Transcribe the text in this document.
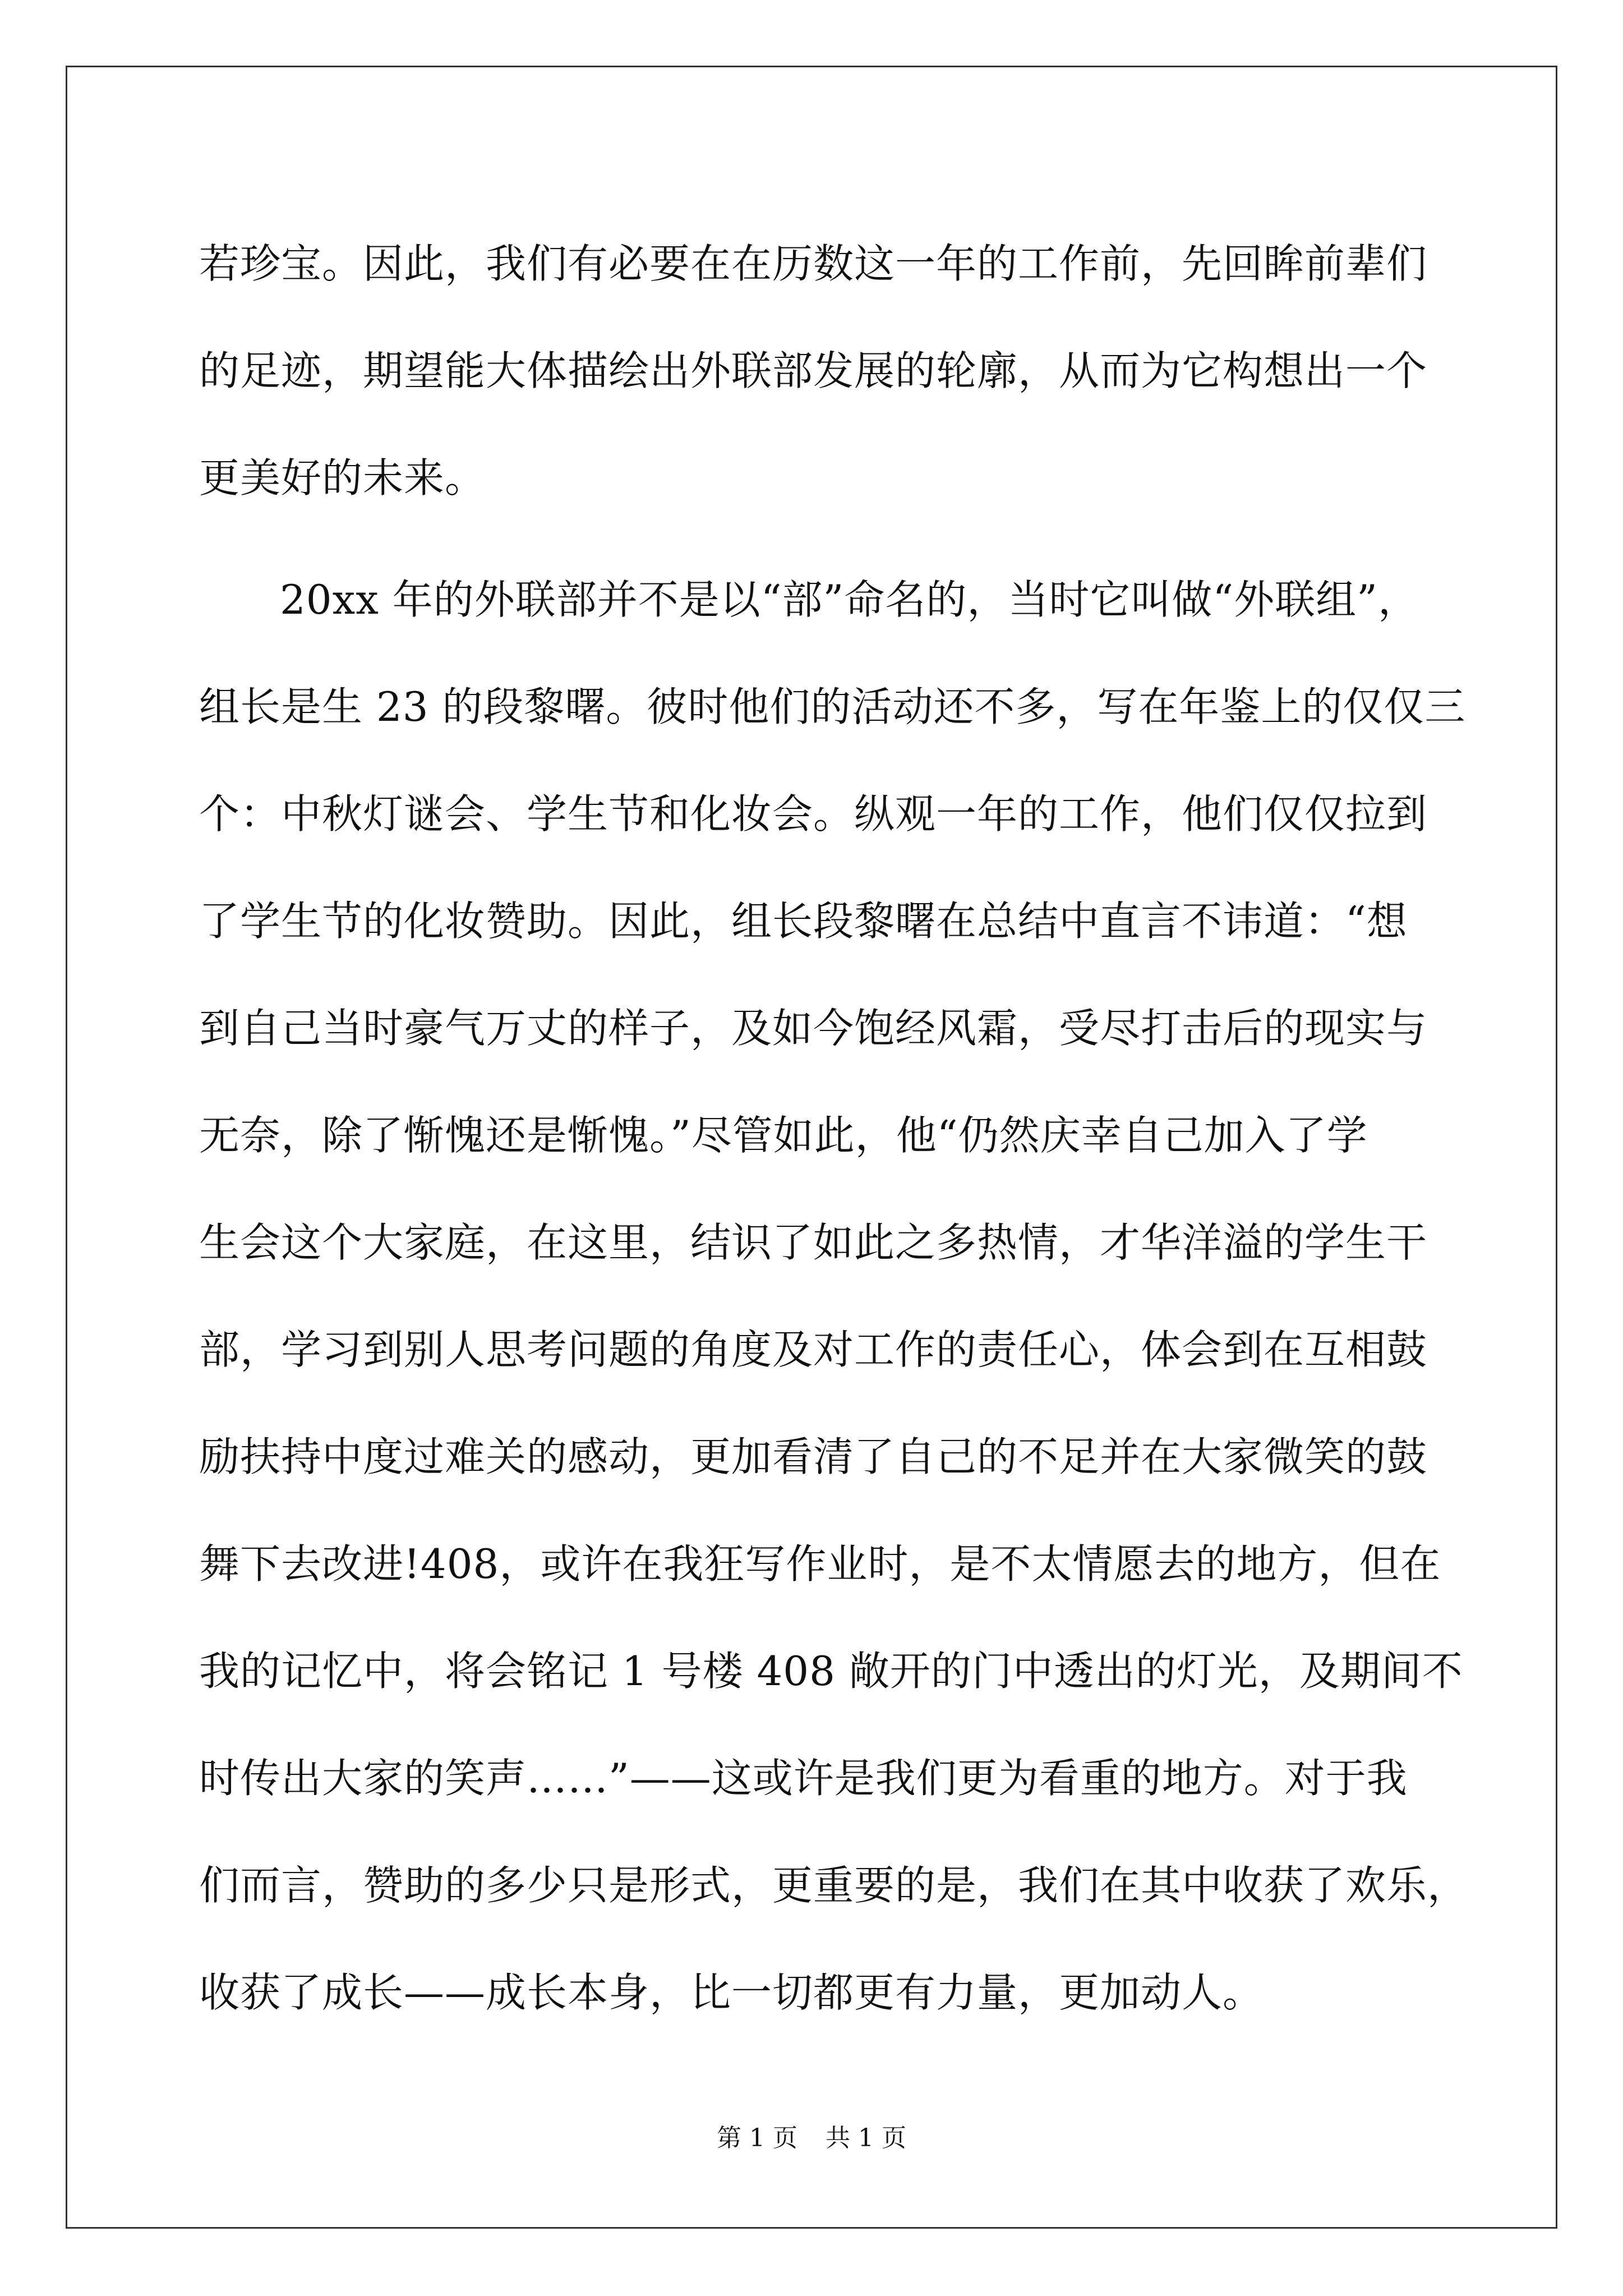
若珍宝。因此，我们有必要在在历数这一年的工作前，先回眸前辈们
的足迹，期望能大体描绘出外联部发展的轮廓，从而为它构想出一个
更美好的未来。

20xx 年的外联部并不是以“部”命名的，当时它叫做“外联组”，
组长是生 23 的段黎曙。彼时他们的活动还不多，写在年鉴上的仅仅三
个：中秋灯谜会、学生节和化妆会。纵观一年的工作，他们仅仅拉到
了学生节的化妆赞助。因此，组长段黎曙在总结中直言不讳道：“想
到自己当时豪气万丈的样子，及如今饱经风霜，受尽打击后的现实与
无奈，除了惭愧还是惭愧。”尽管如此，他“仍然庆幸自己加入了学
生会这个大家庭，在这里，结识了如此之多热情，才华洋溢的学生干
部，学习到别人思考问题的角度及对工作的责任心，体会到在互相鼓
励扶持中度过难关的感动，更加看清了自己的不足并在大家微笑的鼓
舞下去改进!408，或许在我狂写作业时，是不太情愿去的地方，但在
我的记忆中，将会铭记 1 号楼 408 敞开的门中透出的灯光，及期间不
时传出大家的笑声……”——这或许是我们更为看重的地方。对于我
们而言，赞助的多少只是形式，更重要的是，我们在其中收获了欢乐，
收获了成长——成长本身，比一切都更有力量，更加动人。

第 1 页 共 1 页
